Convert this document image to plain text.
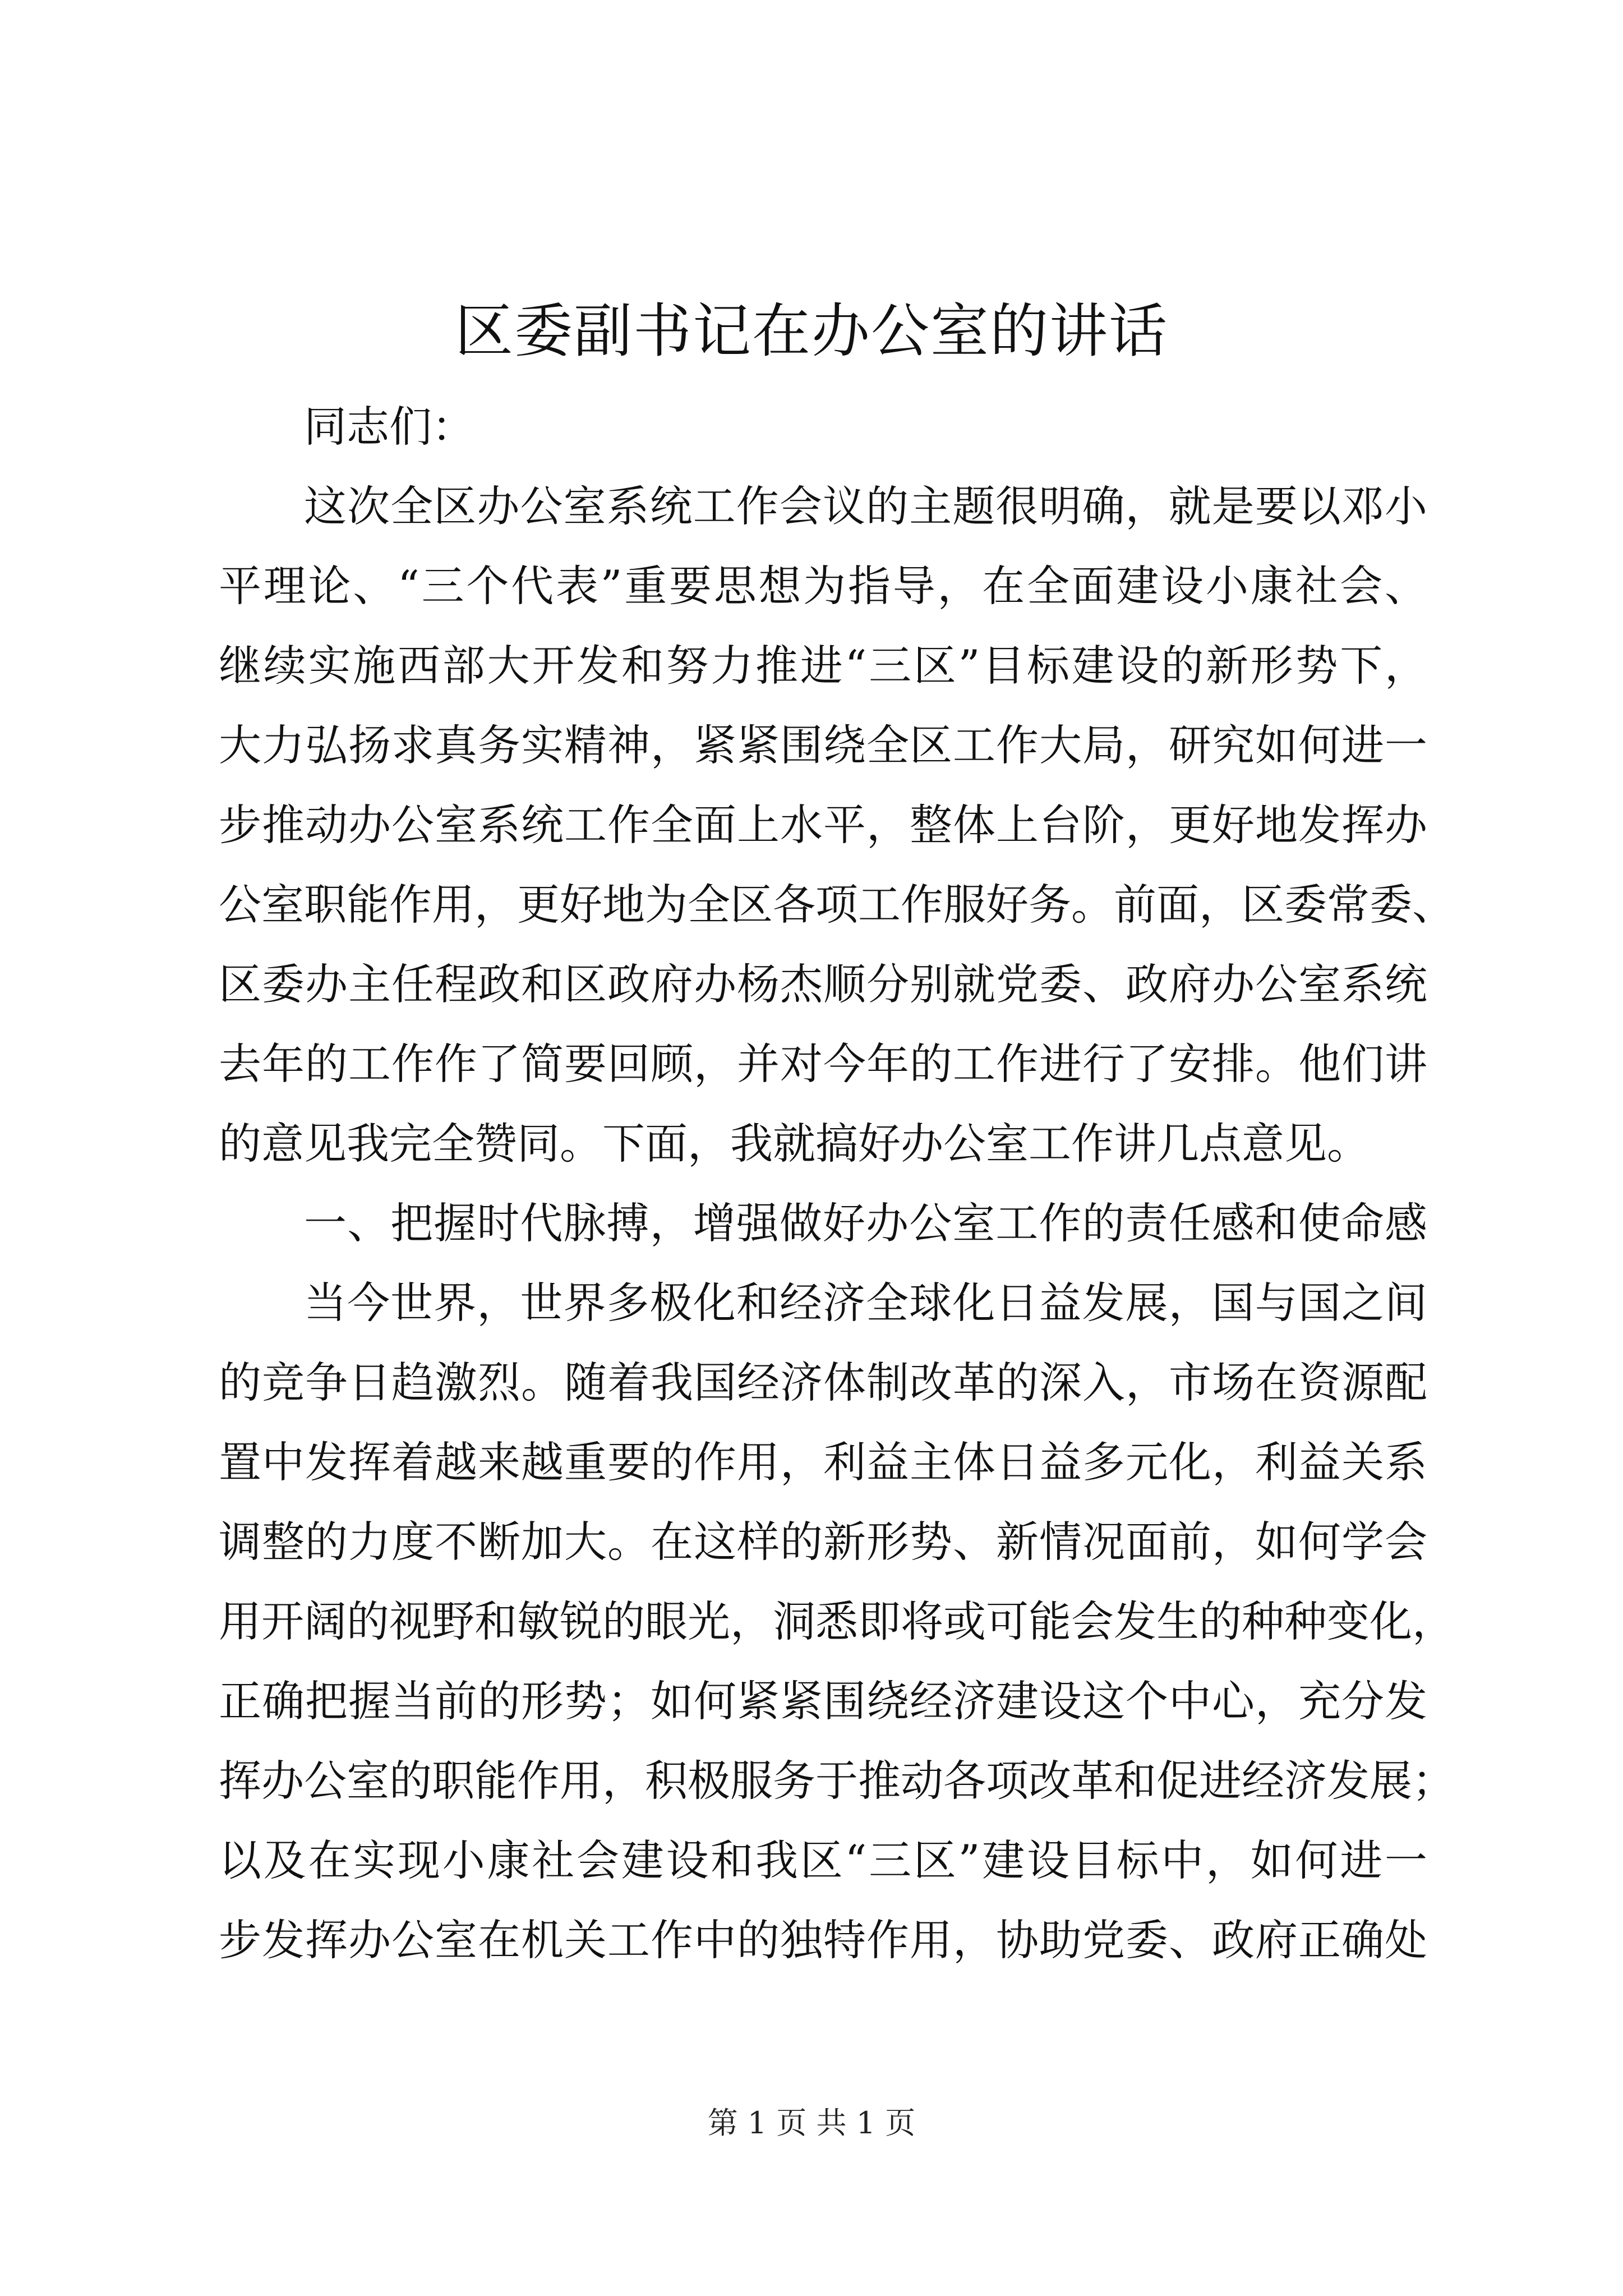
区委副书记在办公室的讲话
同志们：
这次全区办公室系统工作会议的主题很明确，就是要以邓小
平理论、“三个代表”重要思想为指导，在全面建设小康社会、
继续实施西部大开发和努力推进“三区”目标建设的新形势下，
大力弘扬求真务实精神，紧紧围绕全区工作大局，研究如何进一
步推动办公室系统工作全面上水平，整体上台阶，更好地发挥办
公室职能作用，更好地为全区各项工作服好务。前面，区委常委、
区委办主任程政和区政府办杨杰顺分别就党委、政府办公室系统
去年的工作作了简要回顾，并对今年的工作进行了安排。他们讲
的意见我完全赞同。下面，我就搞好办公室工作讲几点意见。
一、把握时代脉搏，增强做好办公室工作的责任感和使命感
当今世界，世界多极化和经济全球化日益发展，国与国之间
的竞争日趋激烈。随着我国经济体制改革的深入，市场在资源配
置中发挥着越来越重要的作用，利益主体日益多元化，利益关系
调整的力度不断加大。在这样的新形势、新情况面前，如何学会
用开阔的视野和敏锐的眼光，洞悉即将或可能会发生的种种变化，
正确把握当前的形势；如何紧紧围绕经济建设这个中心，充分发
挥办公室的职能作用，积极服务于推动各项改革和促进经济发展；
以及在实现小康社会建设和我区“三区”建设目标中，如何进一
步发挥办公室在机关工作中的独特作用，协助党委、政府正确处
第 1 页 共 1 页
